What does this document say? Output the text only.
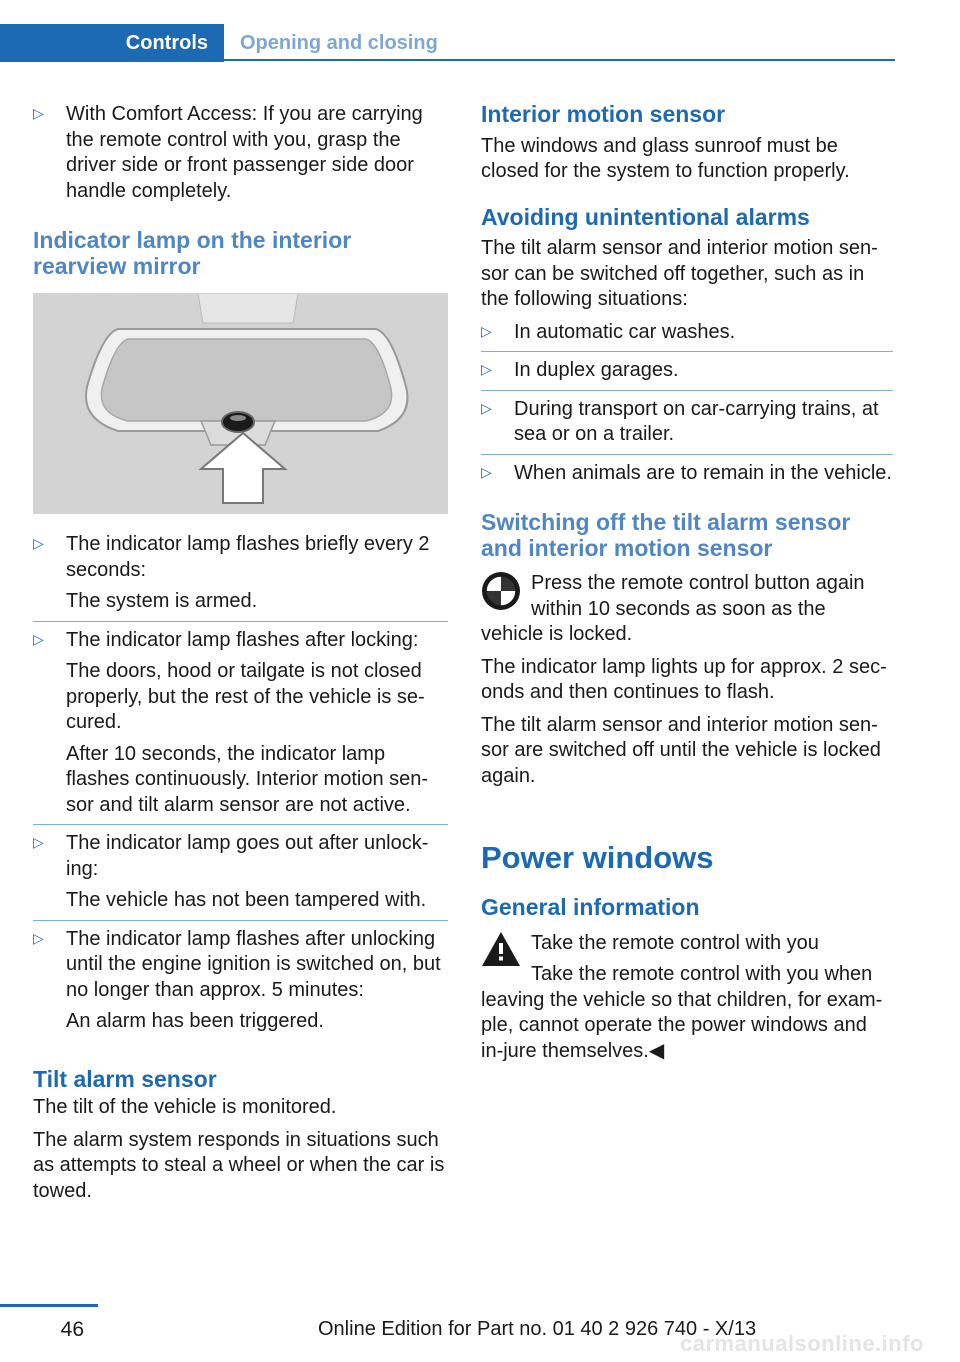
Controls	Opening and closing
▷ With Comfort Access: If you are carrying the remote control with you, grasp the driver side or front passenger side door handle completely.
Indicator lamp on the interior rearview mirror
▷ The indicator lamp flashes briefly every 2 seconds:
The system is armed.
▷ The indicator lamp flashes after locking:
The doors, hood or tailgate is not closed properly, but the rest of the vehicle is se‐cured.
After 10 seconds, the indicator lamp flashes continuously. Interior motion sen‐sor and tilt alarm sensor are not active.
▷ The indicator lamp goes out after unlock‐ing:
The vehicle has not been tampered with.
▷ The indicator lamp flashes after unlocking until the engine ignition is switched on, but no longer than approx. 5 minutes:
An alarm has been triggered.
Tilt alarm sensor

The tilt of the vehicle is monitored.

The alarm system responds in situations such as attempts to steal a wheel or when the car is towed.

Interior motion sensor

The windows and glass sunroof must be closed for the system to function properly.

Avoiding unintentional alarms

The tilt alarm sensor and interior motion sen‐sor can be switched off together, such as in the following situations:

▷ In automatic car washes.
▷ In duplex garages.
▷ During transport on car-carrying trains, at sea or on a trailer.
▷ When animals are to remain in the vehicle.
Switching off the tilt alarm sensor and interior motion sensor

Press the remote control button again within 10 seconds as soon as the vehicle is locked.

The indicator lamp lights up for approx. 2 sec‐onds and then continues to flash.

The tilt alarm sensor and interior motion sen‐sor are switched off until the vehicle is locked again.

Power windows
General information

Take the remote control with you

Take the remote control with you when leaving the vehicle so that children, for exam‐ple, cannot operate the power windows and in‐jure themselves.◀

46	Online Edition for Part no. 01 40 2 926 740 - X/13
carmanualsonline.info
